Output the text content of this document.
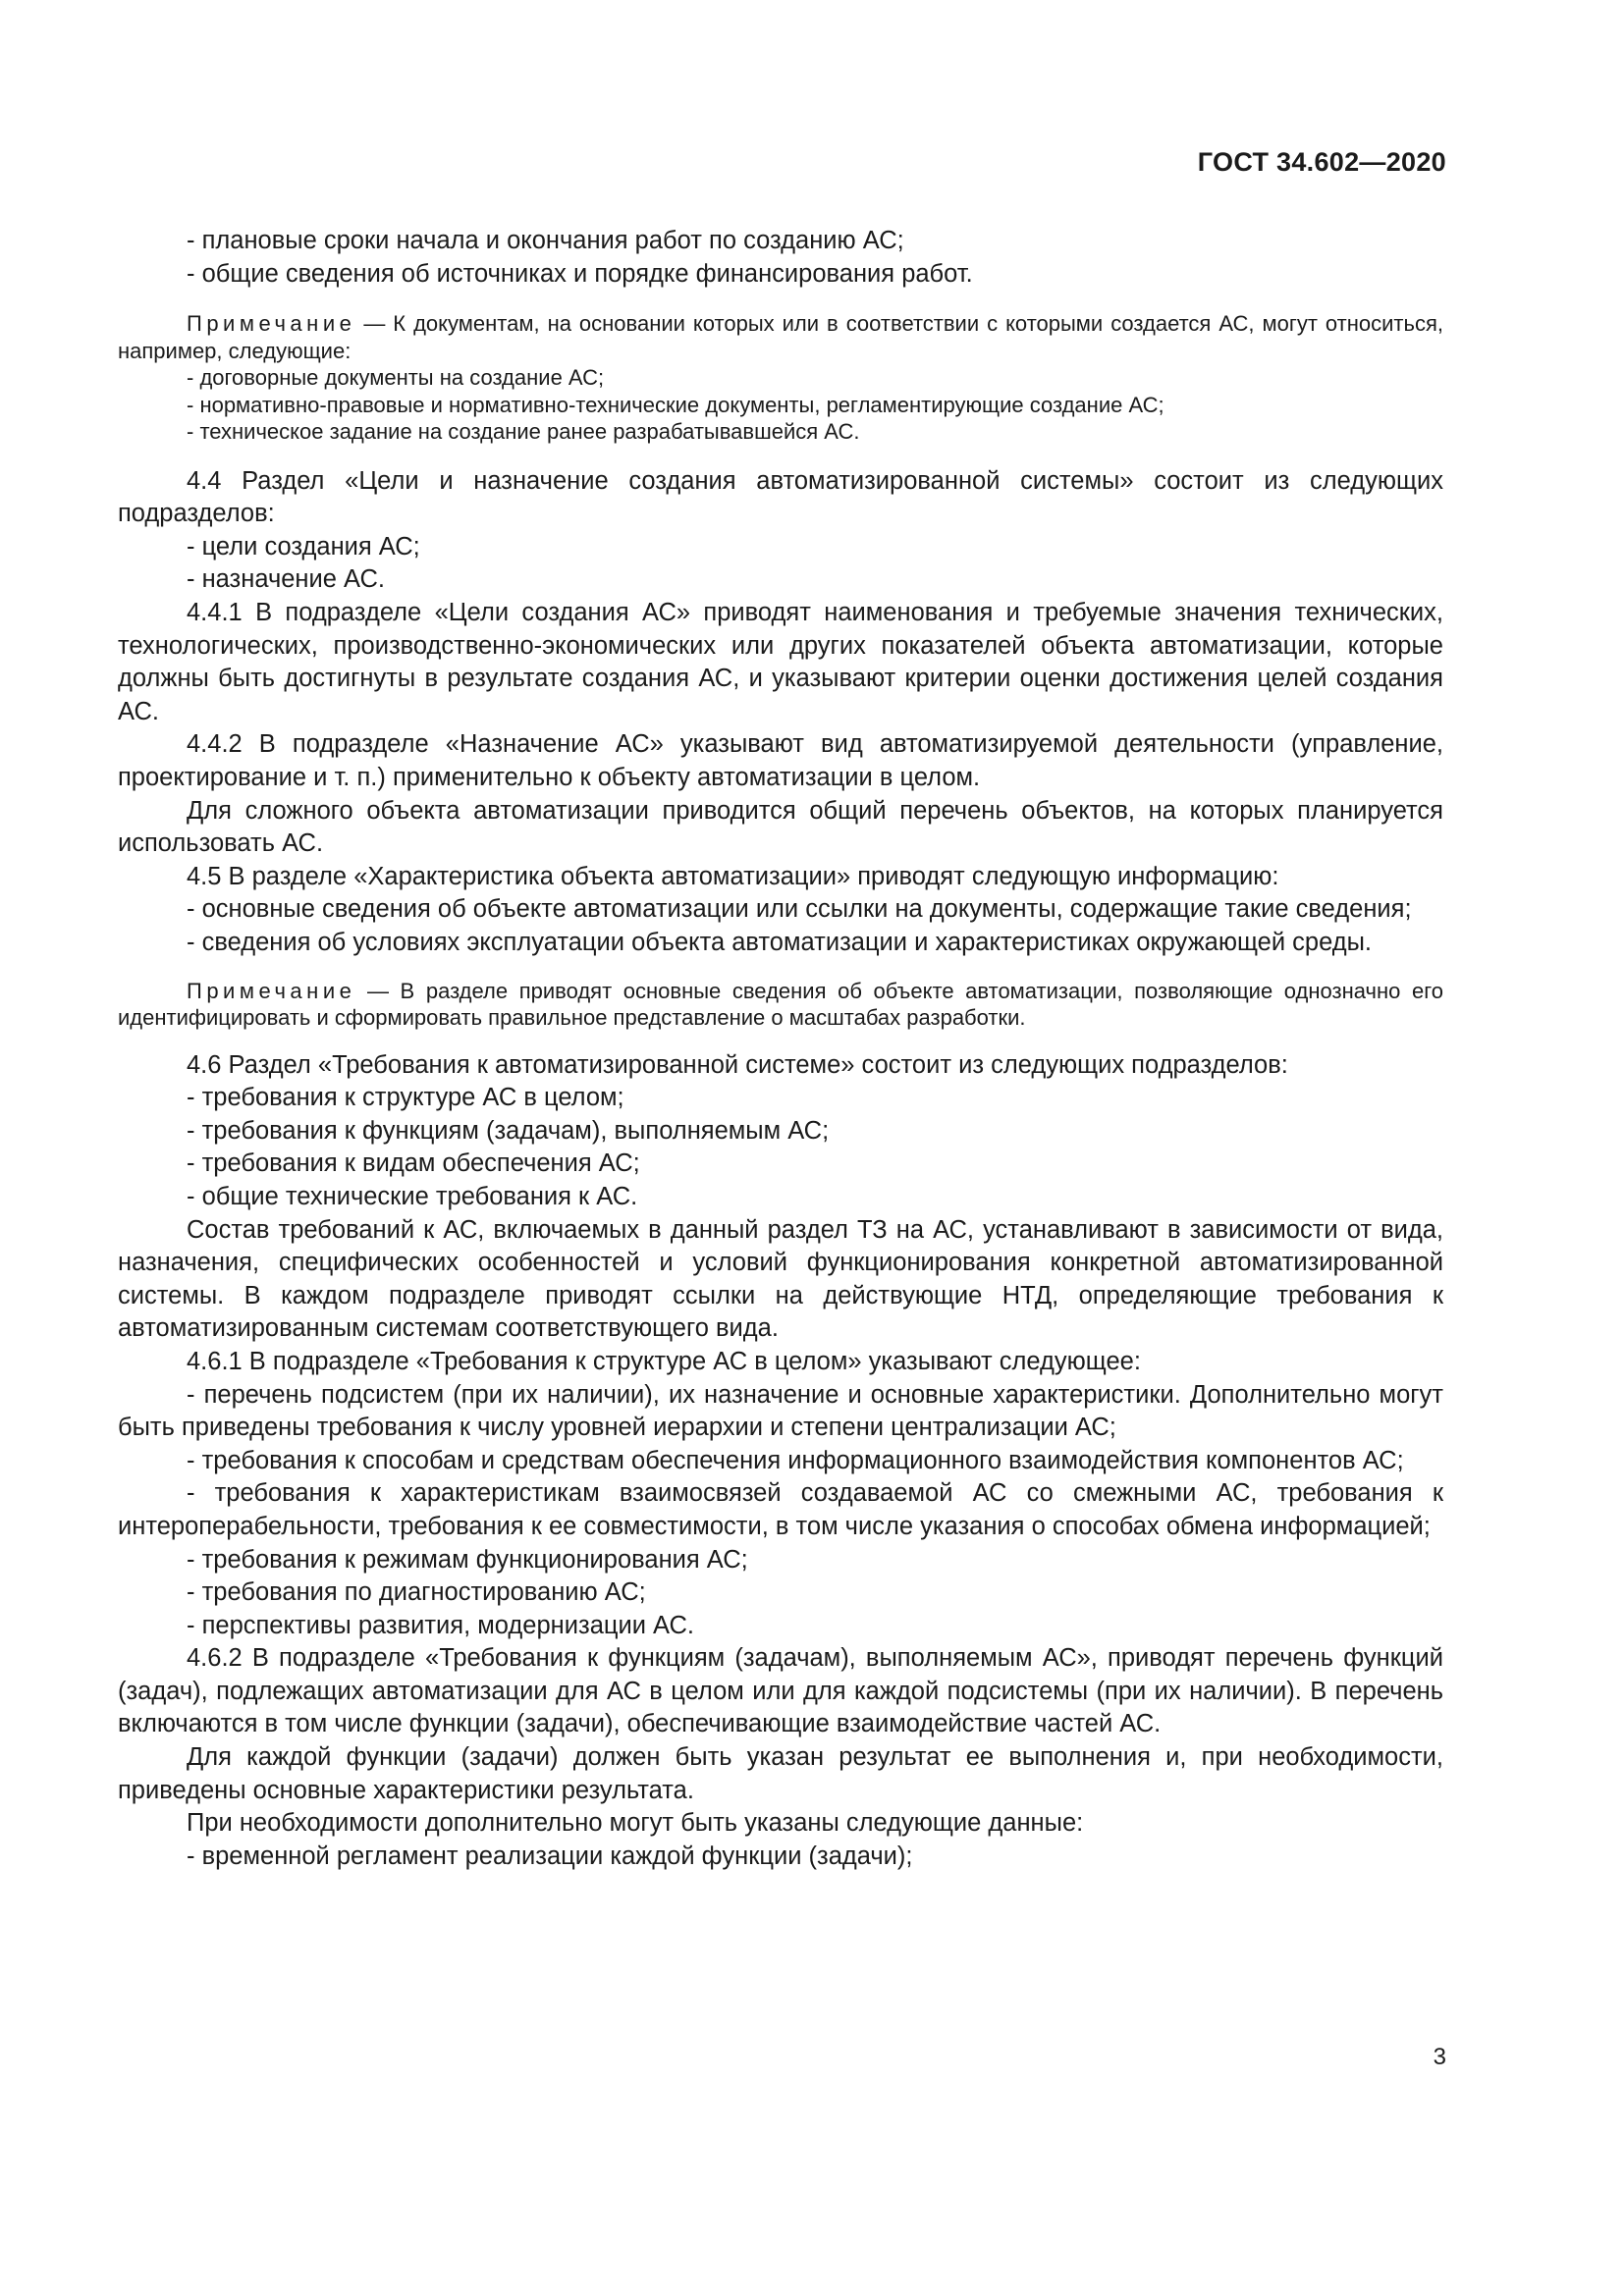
ГОСТ 34.602—2020

- плановые сроки начала и окончания работ по созданию АС;

- общие сведения об источниках и порядке финансирования работ.

Примечание — К документам, на основании которых или в соответствии с которыми создается АС, могут относиться, например, следующие:

- договорные документы на создание АС;

- нормативно-правовые и нормативно-технические документы, регламентирующие создание АС;

- техническое задание на создание ранее разрабатывавшейся АС.

4.4 Раздел «Цели и назначение создания автоматизированной системы» состоит из следующих подразделов:

- цели создания АС;

- назначение АС.

4.4.1 В подразделе «Цели создания АС» приводят наименования и требуемые значения технических, технологических, производственно-экономических или других показателей объекта автоматизации, которые должны быть достигнуты в результате создания АС, и указывают критерии оценки достижения целей создания АС.

4.4.2 В подразделе «Назначение АС» указывают вид автоматизируемой деятельности (управление, проектирование и т. п.) применительно к объекту автоматизации в целом.

Для сложного объекта автоматизации приводится общий перечень объектов, на которых планируется использовать АС.

4.5 В разделе «Характеристика объекта автоматизации» приводят следующую информацию:

- основные сведения об объекте автоматизации или ссылки на документы, содержащие такие сведения;

- сведения об условиях эксплуатации объекта автоматизации и характеристиках окружающей среды.

Примечание — В разделе приводят основные сведения об объекте автоматизации, позволяющие однозначно его идентифицировать и сформировать правильное представление о масштабах разработки.

4.6 Раздел «Требования к автоматизированной системе» состоит из следующих подразделов:

- требования к структуре АС в целом;

- требования к функциям (задачам), выполняемым АС;

- требования к видам обеспечения АС;

- общие технические требования к АС.

Состав требований к АС, включаемых в данный раздел ТЗ на АС, устанавливают в зависимости от вида, назначения, специфических особенностей и условий функционирования конкретной автоматизированной системы. В каждом подразделе приводят ссылки на действующие НТД, определяющие требования к автоматизированным системам соответствующего вида.

4.6.1 В подразделе «Требования к структуре АС в целом» указывают следующее:

- перечень подсистем (при их наличии), их назначение и основные характеристики. Дополнительно могут быть приведены требования к числу уровней иерархии и степени централизации АС;

- требования к способам и средствам обеспечения информационного взаимодействия компонентов АС;

- требования к характеристикам взаимосвязей создаваемой АС со смежными АС, требования к интероперабельности, требования к ее совместимости, в том числе указания о способах обмена информацией;

- требования к режимам функционирования АС;

- требования по диагностированию АС;

- перспективы развития, модернизации АС.

4.6.2 В подразделе «Требования к функциям (задачам), выполняемым АС», приводят перечень функций (задач), подлежащих автоматизации для АС в целом или для каждой подсистемы (при их наличии). В перечень включаются в том числе функции (задачи), обеспечивающие взаимодействие частей АС.

Для каждой функции (задачи) должен быть указан результат ее выполнения и, при необходимости, приведены основные характеристики результата.

При необходимости дополнительно могут быть указаны следующие данные:

- временной регламент реализации каждой функции (задачи);

3
